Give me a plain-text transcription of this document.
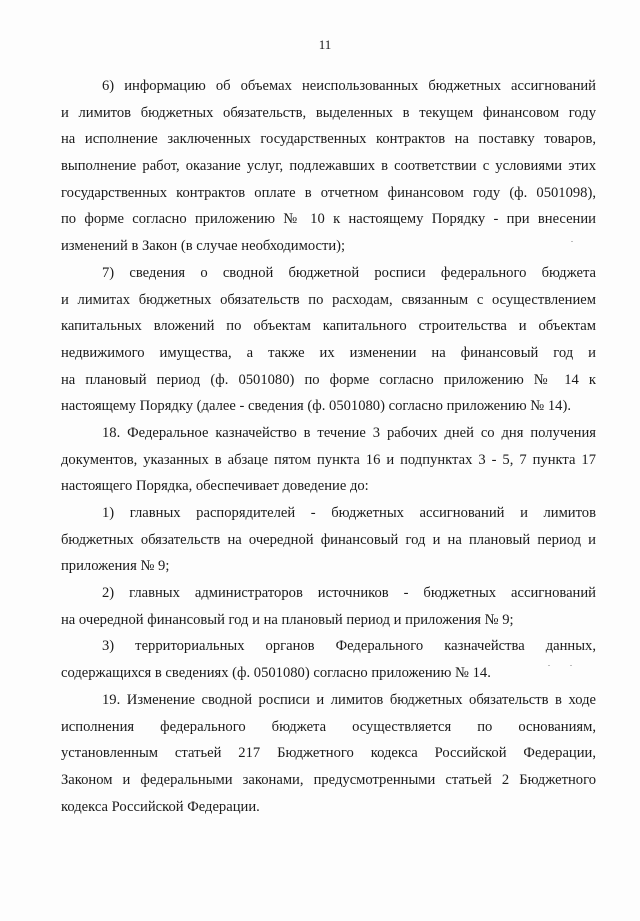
11
6) информацию об объемах неиспользованных бюджетных ассигнований
и лимитов бюджетных обязательств, выделенных в текущем финансовом году
на исполнение заключенных государственных контрактов на поставку товаров,
выполнение работ, оказание услуг, подлежавших в соответствии с условиями этих
государственных контрактов оплате в отчетном финансовом году (ф. 0501098),
по форме согласно приложению № 10 к настоящему Порядку - при внесении
изменений в Закон (в случае необходимости);
7) сведения о сводной бюджетной росписи федерального бюджета
и лимитах бюджетных обязательств по расходам, связанным с осуществлением
капитальных вложений по объектам капитального строительства и объектам
недвижимого имущества, а также их изменении на финансовый год и
на плановый период (ф. 0501080) по форме согласно приложению № 14 к
настоящему Порядку (далее - сведения (ф. 0501080) согласно приложению № 14).
18. Федеральное казначейство в течение 3 рабочих дней со дня получения
документов, указанных в абзаце пятом пункта 16 и подпунктах 3 - 5, 7 пункта 17
настоящего Порядка, обеспечивает доведение до:
1) главных распорядителей - бюджетных ассигнований и лимитов
бюджетных обязательств на очередной финансовый год и на плановый период и
приложения № 9;
2) главных администраторов источников - бюджетных ассигнований
на очередной финансовый год и на плановый период и приложения № 9;
3) территориальных органов Федерального казначейства данных,
содержащихся в сведениях (ф. 0501080) согласно приложению № 14.
19. Изменение сводной росписи и лимитов бюджетных обязательств в ходе
исполнения федерального бюджета осуществляется по основаниям,
установленным статьей 217 Бюджетного кодекса Российской Федерации,
Законом и федеральными законами, предусмотренными статьей 2 Бюджетного
кодекса Российской Федерации.
